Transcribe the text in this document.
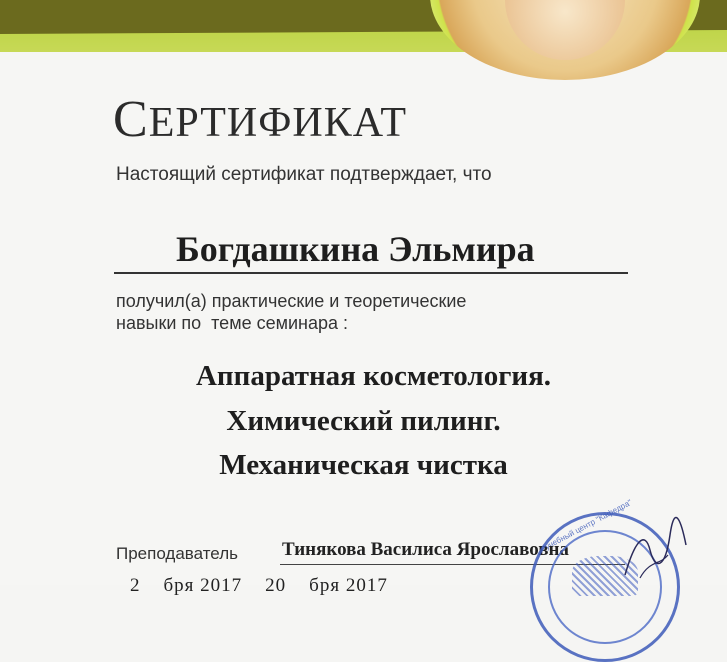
СЕРТИФИКАТ
Настоящий сертификат подтверждает, что
Богдашкина Эльмира
получил(а) практические и теоретические
навыки по  теме семинара :
Аппаратная косметология.
Химический пилинг.
Механическая чистка
Преподаватель Тинякова Василиса Ярославовна
2    бря 2017    20    бря 2017
учебный центр "Кафедра"
